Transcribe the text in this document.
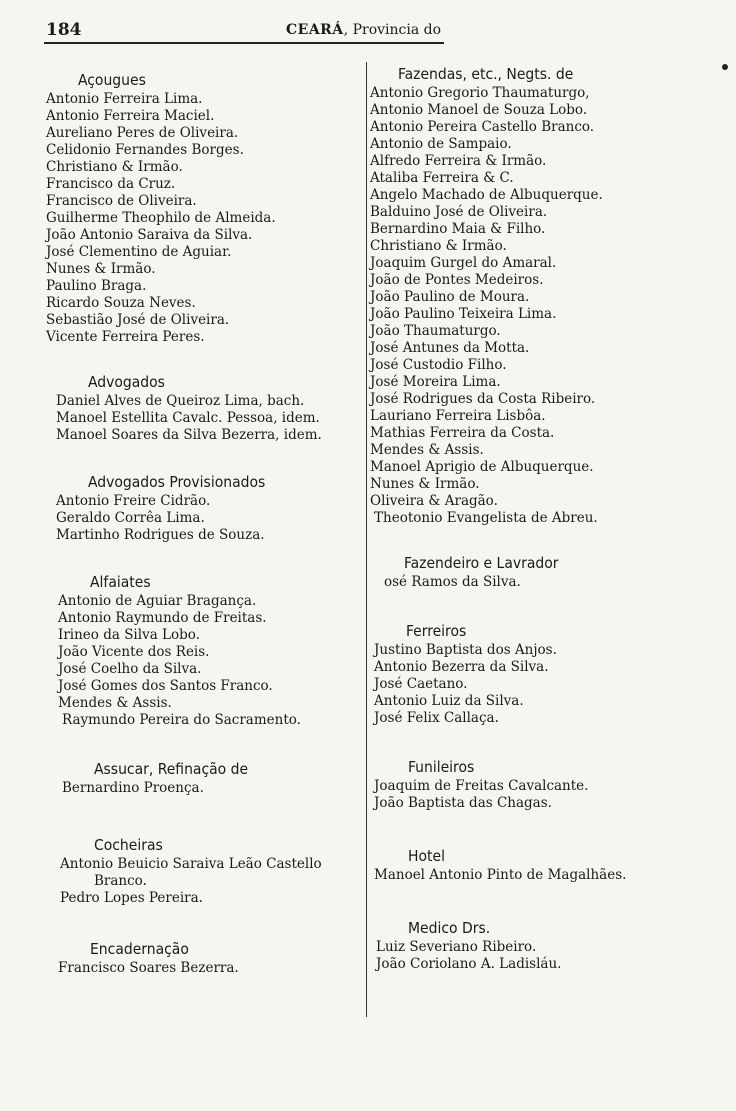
184	CEARÁ, Provincia do
Açougues
Antonio Ferreira Lima.
Antonio Ferreira Maciel.
Aureliano Peres de Oliveira.
Celidonio Fernandes Borges.
Christiano & Irmão.
Francisco da Cruz.
Francisco de Oliveira.
Guilherme Theophilo de Almeida.
João Antonio Saraiva da Silva.
José Clementino de Aguiar.
Nunes & Irmão.
Paulino Braga.
Ricardo Souza Neves.
Sebastião José de Oliveira.
Vicente Ferreira Peres.
Advogados
Daniel Alves de Queiroz Lima, bach.
Manoel Estellita Cavalc. Pessoa, idem.
Manoel Soares da Silva Bezerra, idem.
Advogados Provisionados
Antonio Freire Cidrão.
Geraldo Corrêa Lima.
Martinho Rodrigues de Souza.
Alfaiates
Antonio de Aguiar Bragança.
Antonio Raymundo de Freitas.
Irineo da Silva Lobo.
João Vicente dos Reis.
José Coelho da Silva.
José Gomes dos Santos Franco.
Mendes & Assis.
Raymundo Pereira do Sacramento.
Assucar, Refinação de
Bernardino Proença.
Cocheiras
Antonio Beuicio Saraiva Leão Castello
Branco.
Pedro Lopes Pereira.
Encadernação
Francisco Soares Bezerra.
Fazendas, etc., Negts. de
Antonio Gregorio Thaumaturgo,
Antonio Manoel de Souza Lobo.
Antonio Pereira Castello Branco.
Antonio de Sampaio.
Alfredo Ferreira & Irmão.
Ataliba Ferreira & C.
Angelo Machado de Albuquerque.
Balduino José de Oliveira.
Bernardino Maia & Filho.
Christiano & Irmão.
Joaquim Gurgel do Amaral.
João de Pontes Medeiros.
João Paulino de Moura.
João Paulino Teixeira Lima.
João Thaumaturgo.
José Antunes da Motta.
José Custodio Filho.
José Moreira Lima.
José Rodrigues da Costa Ribeiro.
Lauriano Ferreira Lisbôa.
Mathias Ferreira da Costa.
Mendes & Assis.
Manoel Aprigio de Albuquerque.
Nunes & Irmão.
Oliveira & Aragão.
Theotonio Evangelista de Abreu.
Fazendeiro e Lavrador
osé Ramos da Silva.
Ferreiros
Justino Baptista dos Anjos.
Antonio Bezerra da Silva.
José Caetano.
Antonio Luiz da Silva.
José Felix Callaça.
Funileiros
Joaquim de Freitas Cavalcante.
João Baptista das Chagas.
Hotel
Manoel Antonio Pinto de Magalhães.
Medico Drs.
Luiz Severiano Ribeiro.
João Coriolano A. Ladisláu.
